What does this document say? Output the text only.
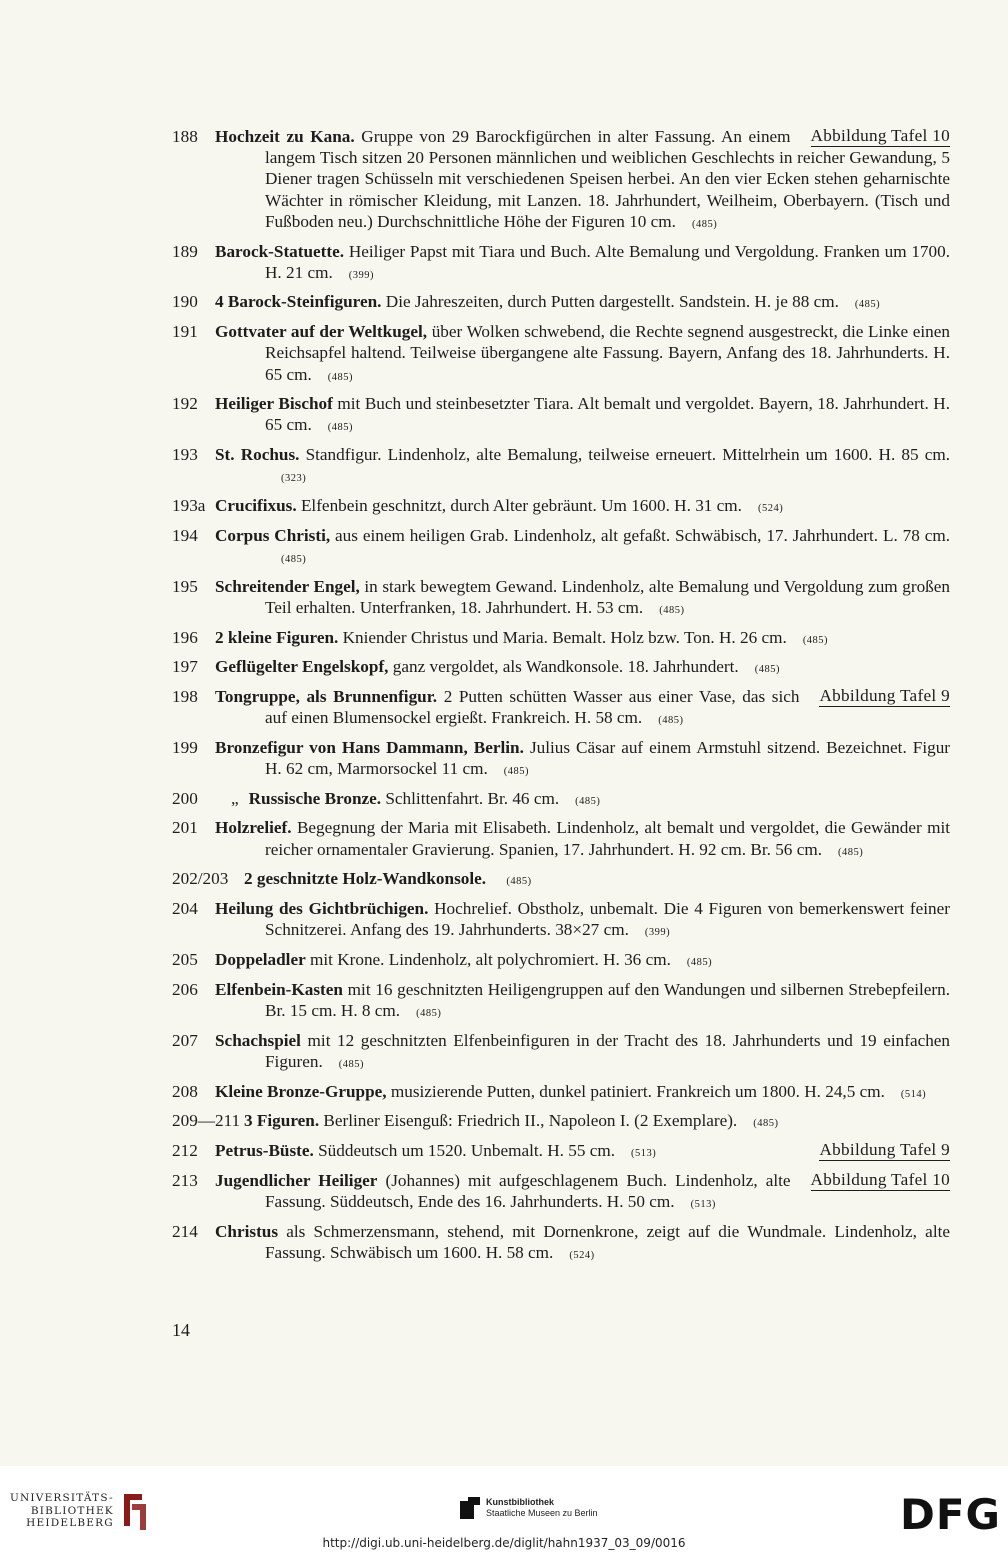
Abbildung Tafel 10
188 Hochzeit zu Kana. Gruppe von 29 Barockfigürchen in alter Fassung. An einem langem Tisch sitzen 20 Personen männlichen und weiblichen Geschlechts in reicher Gewandung, 5 Diener tragen Schüsseln mit verschiedenen Speisen herbei. An den vier Ecken stehen geharnischte Wächter in römischer Kleidung, mit Lanzen. 18. Jahrhundert, Weilheim, Oberbayern. (Tisch und Fußboden neu.) Durchschnittliche Höhe der Figuren 10 cm. (485)
189 Barock-Statuette. Heiliger Papst mit Tiara und Buch. Alte Bemalung und Vergoldung. Franken um 1700. H. 21 cm. (399)
190 4 Barock-Steinfiguren. Die Jahreszeiten, durch Putten dargestellt. Sandstein. H. je 88 cm. (485)
191 Gottvater auf der Weltkugel, über Wolken schwebend, die Rechte segnend ausgestreckt, die Linke einen Reichsapfel haltend. Teilweise übergangene alte Fassung. Bayern, Anfang des 18. Jahrhunderts. H. 65 cm. (485)
192 Heiliger Bischof mit Buch und steinbesetzter Tiara. Alt bemalt und vergoldet. Bayern, 18. Jahrhundert. H. 65 cm. (485)
193 St. Rochus. Standfigur. Lindenholz, alte Bemalung, teilweise erneuert. Mittelrhein um 1600. H. 85 cm.(323)
193a Crucifixus. Elfenbein geschnitzt, durch Alter gebräunt. Um 1600. H. 31 cm. (524)
194 Corpus Christi, aus einem heiligen Grab. Lindenholz, alt gefaßt. Schwäbisch, 17. Jahrhundert. L. 78 cm.(485)
195 Schreitender Engel, in stark bewegtem Gewand. Lindenholz, alte Bemalung und Vergoldung zum großen Teil erhalten. Unterfranken, 18. Jahrhundert. H. 53 cm. (485)
196 2 kleine Figuren. Kniender Christus und Maria. Bemalt. Holz bzw. Ton. H. 26 cm. (485)
197 Geflügelter Engelskopf, ganz vergoldet, als Wandkonsole. 18. Jahrhundert. (485)
Abbildung Tafel 9
198 Tongruppe, als Brunnenfigur. 2 Putten schütten Wasser aus einer Vase, das sich auf einen Blumensockel ergießt. Frankreich. H. 58 cm. (485)
199 Bronzefigur von Hans Dammann, Berlin. Julius Cäsar auf einem Armstuhl sitzend. Bezeichnet. Figur H. 62 cm, Marmorsockel 11 cm. (485)
200 „ Russische Bronze. Schlittenfahrt. Br. 46 cm. (485)
201 Holzrelief. Begegnung der Maria mit Elisabeth. Lindenholz, alt bemalt und vergoldet, die Gewänder mit reicher ornamentaler Gravierung. Spanien, 17. Jahrhundert. H. 92 cm. Br. 56 cm. (485)
202/203 2 geschnitzte Holz-Wandkonsole. (485)
204 Heilung des Gichtbrüchigen. Hochrelief. Obstholz, unbemalt. Die 4 Figuren von bemerkenswert feiner Schnitzerei. Anfang des 19. Jahrhunderts. 38×27 cm. (399)
205 Doppeladler mit Krone. Lindenholz, alt polychromiert. H. 36 cm. (485)
206 Elfenbein-Kasten mit 16 geschnitzten Heiligengruppen auf den Wandungen und silbernen Strebepfeilern. Br. 15 cm. H. 8 cm. (485)
207 Schachspiel mit 12 geschnitzten Elfenbeinfiguren in der Tracht des 18. Jahrhunderts und 19 einfachen Figuren. (485)
208 Kleine Bronze-Gruppe, musizierende Putten, dunkel patiniert. Frankreich um 1800. H. 24,5 cm. (514)
209—211 3 Figuren. Berliner Eisenguß: Friedrich II., Napoleon I. (2 Exemplare). (485)
Abbildung Tafel 9
212 Petrus-Büste. Süddeutsch um 1520. Unbemalt. H. 55 cm. (513)
Abbildung Tafel 10
213 Jugendlicher Heiliger (Johannes) mit aufgeschlagenem Buch. Lindenholz, alte Fassung. Süddeutsch, Ende des 16. Jahrhunderts. H. 50 cm. (513)
214 Christus als Schmerzensmann, stehend, mit Dornenkrone, zeigt auf die Wundmale. Lindenholz, alte Fassung. Schwäbisch um 1600. H. 58 cm. (524)
14
UNIVERSITÄTS-
BIBLIOTHEK
HEIDELBERG
Kunstbibliothek
Staatliche Museen zu Berlin	DFG
http://digi.ub.uni-heidelberg.de/diglit/hahn1937_03_09/0016
